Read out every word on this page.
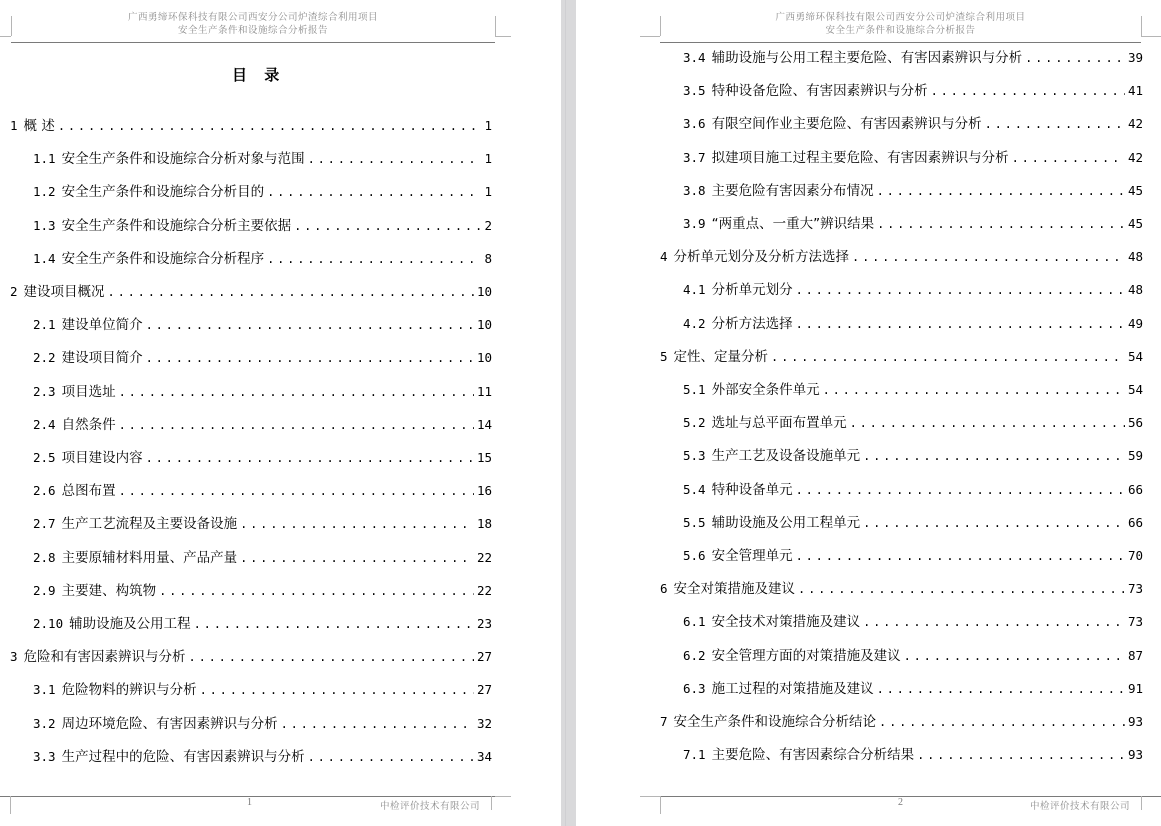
广西勇缔环保科技有限公司西安分公司炉渣综合利用项目
安全生产条件和设施综合分析报告
目 录
1 概 述 . . .	1
1.1 安全生产条件和设施综合分析对象与范围 . . .	1
1.2 安全生产条件和设施综合分析目的 . . .	1
1.3 安全生产条件和设施综合分析主要依据 . . .	2
1.4 安全生产条件和设施综合分析程序 . . .	8
2 建设项目概况 . . .	10
2.1 建设单位简介 . . .	10
2.2 建设项目简介 . . .	10
2.3 项目选址 . . .	11
2.4 自然条件 . . .	14
2.5 项目建设内容 . . .	15
2.6 总图布置 . . .	16
2.7 生产工艺流程及主要设备设施 . . .	18
2.8 主要原辅材料用量、产品产量 . . .	22
2.9 主要建、构筑物 . . .	22
2.10 辅助设施及公用工程 . . .	23
3 危险和有害因素辨识与分析 . . .	27
3.1 危险物料的辨识与分析 . . .	27
3.2 周边环境危险、有害因素辨识与分析 . . .	32
3.3 生产过程中的危险、有害因素辨识与分析 . . .	34
1	中检评价技术有限公司
广西勇缔环保科技有限公司西安分公司炉渣综合利用项目
安全生产条件和设施综合分析报告
3.4 辅助设施与公用工程主要危险、有害因素辨识与分析 . . .	39
3.5 特种设备危险、有害因素辨识与分析 . . .	41
3.6 有限空间作业主要危险、有害因素辨识与分析 . . .	42
3.7 拟建项目施工过程主要危险、有害因素辨识与分析 . . .	42
3.8 主要危险有害因素分布情况 . . .	45
3.9 “两重点、一重大”辨识结果 . . .	45
4 分析单元划分及分析方法选择 . . .	48
4.1 分析单元划分 . . .	48
4.2 分析方法选择 . . .	49
5 定性、定量分析 . . .	54
5.1 外部安全条件单元 . . .	54
5.2 选址与总平面布置单元 . . .	56
5.3 生产工艺及设备设施单元 . . .	59
5.4 特种设备单元 . . .	66
5.5 辅助设施及公用工程单元 . . .	66
5.6 安全管理单元 . . .	70
6 安全对策措施及建议 . . .	73
6.1 安全技术对策措施及建议 . . .	73
6.2 安全管理方面的对策措施及建议 . . .	87
6.3 施工过程的对策措施及建议 . . .	91
7 安全生产条件和设施综合分析结论 . . .	93
7.1 主要危险、有害因素综合分析结果 . . .	93
2	中检评价技术有限公司
